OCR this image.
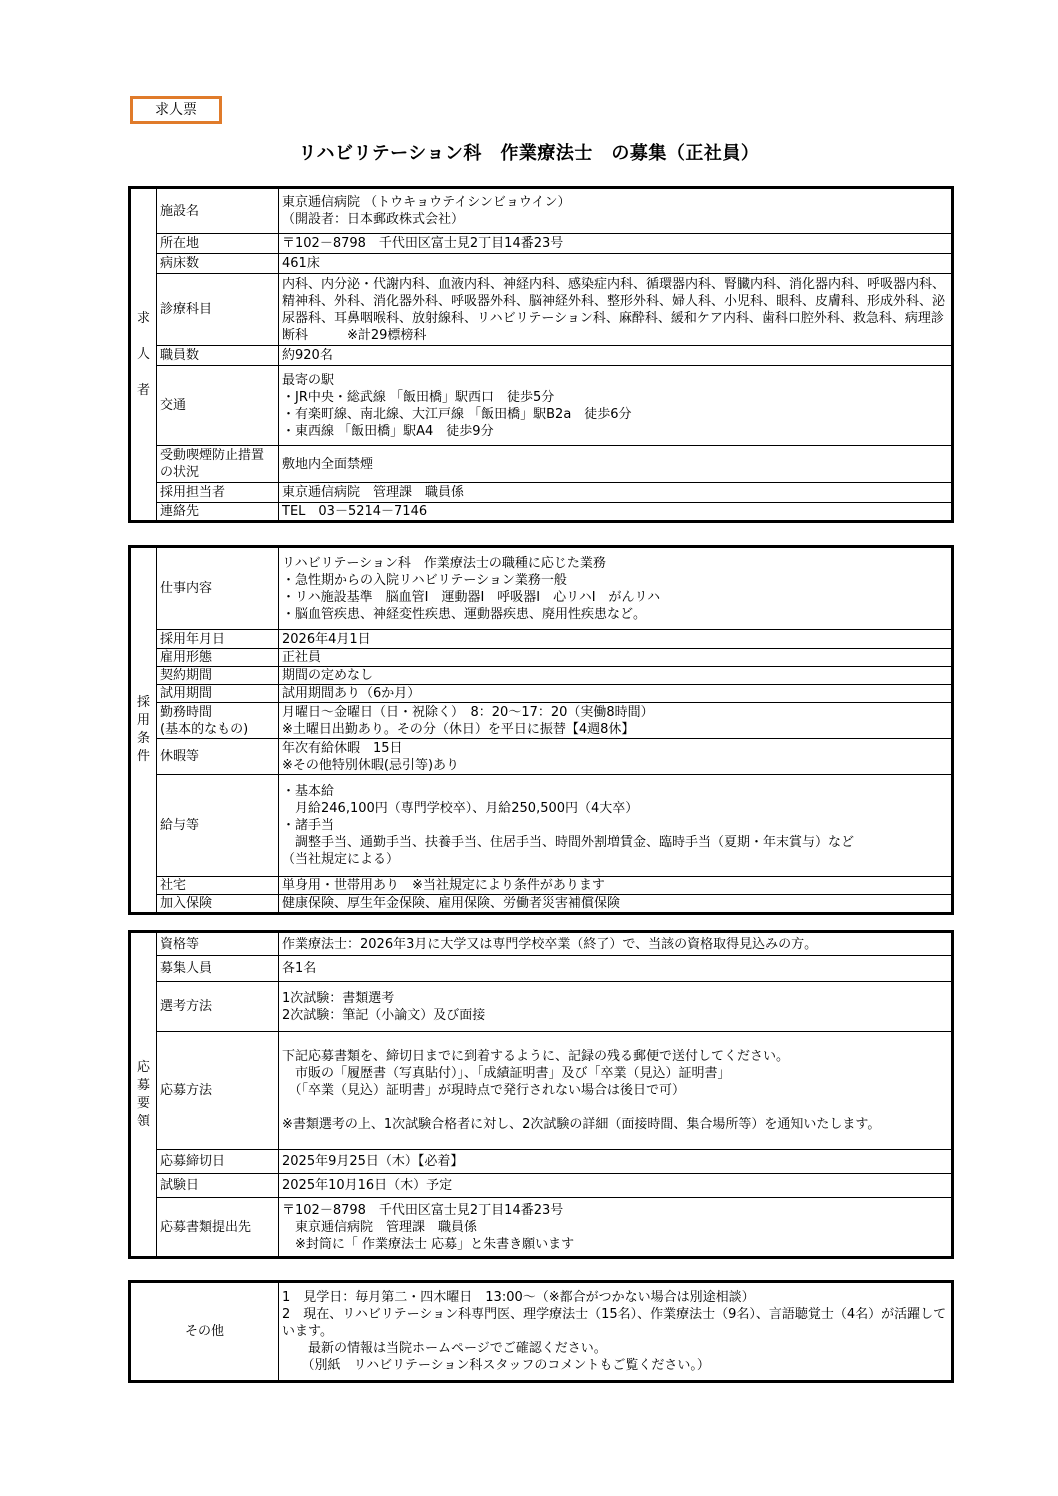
求人票
リハビリテーション科　作業療法士　の募集（正社員）
求人者	施設名	東京逓信病院 （トウキョウテイシンビョウイン）
（開設者：日本郵政株式会社）
	所在地	〒102－8798　千代田区富士見2丁目14番23号
	病床数	461床
	診療科目	内科、内分泌・代謝内科、血液内科、神経内科、感染症内科、循環器内科、腎臓内科、消化器内科、呼吸器内科、精神科、外科、消化器外科、呼吸器外科、脳神経外科、整形外科、婦人科、小児科、眼科、皮膚科、形成外科、泌尿器科、耳鼻咽喉科、放射線科、リハビリテーション科、麻酔科、緩和ケア内科、歯科口腔外科、救急科、病理診断科　　　※計29標榜科
	職員数	約920名
	交通	最寄の駅
・JR中央・総武線 「飯田橋」駅西口　徒歩5分
・有楽町線、南北線、大江戸線 「飯田橋」駅B2a　徒歩6分
・東西線 「飯田橋」駅A4　徒歩9分
	受動喫煙防止措置の状況	敷地内全面禁煙
	採用担当者	東京逓信病院　管理課　職員係
	連絡先	TEL　03－5214－7146
採用条件	仕事内容	リハビリテーション科　作業療法士の職種に応じた業務
・急性期からの入院リハビリテーション業務一般
・リハ施設基準　脳血管Ⅰ　運動器Ⅰ　呼吸器Ⅰ　心リハⅠ　がんリハ
・脳血管疾患、神経変性疾患、運動器疾患、廃用性疾患など。
	採用年月日	2026年4月1日
	雇用形態	正社員
	契約期間	期間の定めなし
	試用期間	試用期間あり（6か月）
	勤務時間
(基本的なもの)	月曜日～金曜日（日・祝除く）　8：20～17：20（実働8時間）
※土曜日出勤あり。その分（休日）を平日に振替【4週8休】
	休暇等	年次有給休暇　15日
※その他特別休暇(忌引等)あり
	給与等	・基本給
　月給246,100円（専門学校卒）、月給250,500円（4大卒）
・諸手当
　調整手当、通勤手当、扶養手当、住居手当、時間外割増賃金、臨時手当（夏期・年末賞与）など
（当社規定による）
	社宅	単身用・世帯用あり　※当社規定により条件があります
	加入保険	健康保険、厚生年金保険、雇用保険、労働者災害補償保険
応募要領	資格等	作業療法士：2026年3月に大学又は専門学校卒業（終了）で、当該の資格取得見込みの方。
	募集人員	各1名
	選考方法	1次試験：書類選考
2次試験：筆記（小論文）及び面接
	応募方法	下記応募書類を、締切日までに到着するように、記録の残る郵便で送付してください。
　市販の「履歴書（写真貼付）」、「成績証明書」及び「卒業（見込）証明書」
　（「卒業（見込）証明書」が現時点で発行されない場合は後日で可）

※書類選考の上、1次試験合格者に対し、2次試験の詳細（面接時間、集合場所等）を通知いたします。
	応募締切日	2025年9月25日（木）【必着】
	試験日	2025年10月16日（木）予定
	応募書類提出先	〒102－8798　千代田区富士見2丁目14番23号
　東京逓信病院　管理課　職員係
　※封筒に「 作業療法士 応募」と朱書き願います
その他	1　見学日：毎月第二・四木曜日　13:00～（※都合がつかない場合は別途相談）
2　現在、リハビリテーション科専門医、理学療法士（15名）、作業療法士（9名）、言語聴覚士（4名）が活躍しています。
　　最新の情報は当院ホームページでご確認ください。
　　（別紙　リハビリテーション科スタッフのコメントもご覧ください。）
